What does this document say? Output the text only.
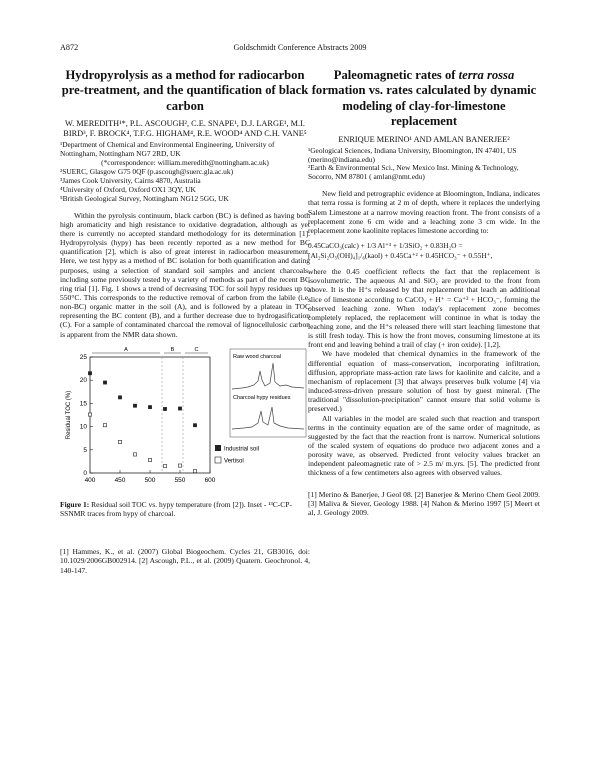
A872	Goldschmidt Conference Abstracts 2009
Hydropyrolysis as a method for radiocarbon pre-treatment, and the quantification of black carbon
W. MEREDITH¹*, P.L. ASCOUGH², C.E. SNAPE¹, D.J. LARGE¹, M.I. BIRD³, F. BROCK⁴, T.F.G. HIGHAM⁴, R.E. WOOD⁴ AND C.H. VANE⁵

¹Department of Chemical and Environmental Engineering, University of Nottingham, Nottingham NG7 2RD, UK

(*correspondence: william.meredith@nottingham.ac.uk)

²SUERC, Glasgow G75 0QF (p.ascough@suerc.gla.ac.uk)

³James Cook University, Cairns 4870, Australia

⁴University of Oxford, Oxford OX1 3QY, UK

⁵British Geological Survey, Nottingham NG12 5GG, UK

Within the pyrolysis continuum, black carbon (BC) is defined as having both high aromaticity and high resistance to oxidative degradation, although as yet there is currently no accepted standard methodology for its determination [1]. Hydropyrolysis (hypy) has been recently reported as a new method for BC quantification [2], which is also of great interest in radiocarbon measurement. Here, we test hypy as a method of BC isolation for both quantification and dating purposes, using a selection of standard soil samples and ancient charcoals, including some previously tested by a variety of methods as part of the recent BC ring trial [1]. Fig. 1 shows a trend of decreasing TOC for soil hypy residues up to 550°C. This corresponds to the reductive removal of carbon from the labile (i.e. non-BC) organic matter in the soil (A), and is followed by a plateau in TOC representing the BC content (B), and a further decrease due to hydrogasification (C). For a sample of contaminated charcoal the removal of lignocellulosic carbon is apparent from the NMR data shown.

400	450	500	550	600
0
5
10
15
20
25
Residual TOC (%)
A	B	C
Industrial soil
Vertisol
Raw wood charcoal
Charcoal hypy residues
Figure 1: Residual soil TOC vs. hypy temperature (from [2]). Inset - ¹³C-CP-SSNMR traces from hypy of charcoal.
[1] Hammes, K., et al. (2007) Global Biogeochem. Cycles 21, GB3016, doi: 10.1029/2006GB002914. [2] Ascough, P.L., et al. (2009) Quatern. Geochronol. 4, 140-147.
Paleomagnetic rates of terra rossa formation vs. rates calculated by dynamic modeling of clay-for-limestone replacement
ENRIQUE MERINO¹ AND AMLAN BANERJEE²

¹Geological Sciences, Indiana University, Bloomington, IN 47401, US (merino@indiana.edu)

²Earth & Environmental Sci., New Mexico Inst. Mining & Technology, Socorro, NM 87801 ( amlan@nmt.edu)

New field and petrographic evidence at Bloomington, Indiana, indicates that terra rossa is forming at 2 m of depth, where it replaces the underlying Salem Limestone at a narrow moving reaction front. The front consists of a replacement zone 6 cm wide and a leaching zone 3 cm wide. In the replacement zone kaolinite replaces limestone according to:

0.45CaCO₃(calc) + 1/3 Al⁺³ + 1/3SiO₂ + 0.83H₂O =
[Al₂Si₂O₅(OH)₄]₁/₆(kaol) + 0.45Ca⁺² + 0.45HCO₃⁻ + 0.55H⁺,

where the 0.45 coefficient reflects the fact that the replacement is isovolumetric. The aqueous Al and SiO₂ are provided to the front from above. It is the H⁺s released by that replacement that leach an additional slice of limestone according to CaCO₃ + H⁺ = Ca⁺² + HCO₃⁻, forming the observed leaching zone. When today's replacement zone becomes completely replaced, the replacement will continue in what is today the leaching zone, and the H⁺s released there will start leaching limestone that is still fresh today. This is how the front moves, consuming limestone at its front end and leaving behind a trail of clay (+ iron oxide). [1,2].

We have modeled that chemical dynamics in the framework of the differential equation of mass-conservation, incorporating infiltration, diffusion, appropriate mass-action rate laws for kaolinite and calcite, and a mechanism of replacement [3] that always preserves bulk volume [4] via induced-stress-driven pressure solution of host by guest mineral. (The traditional "dissolution-precipitation" cannot ensure that solid volume is preserved.)

All variables in the model are scaled such that reaction and transport terms in the continuity equation are of the same order of magnitude, as suggested by the fact that the reaction front is narrow. Numerical solutions of the scaled system of equations do produce two adjacent zones and a porosity wave, as observed. Predicted front velocity values bracket an independent paleomagnetic rate of > 2.5 m/ m.yrs. [5]. The predicted front thickness of a few centimeters also agrees with observed values.

[1] Merino & Banerjee, J Geol 08. [2] Banerjee & Merino Chem Geol 2009. [3] Maliva & Siever, Geology 1988. [4] Nahon & Merino 1997 [5] Meert et al, J. Geology 2009.
